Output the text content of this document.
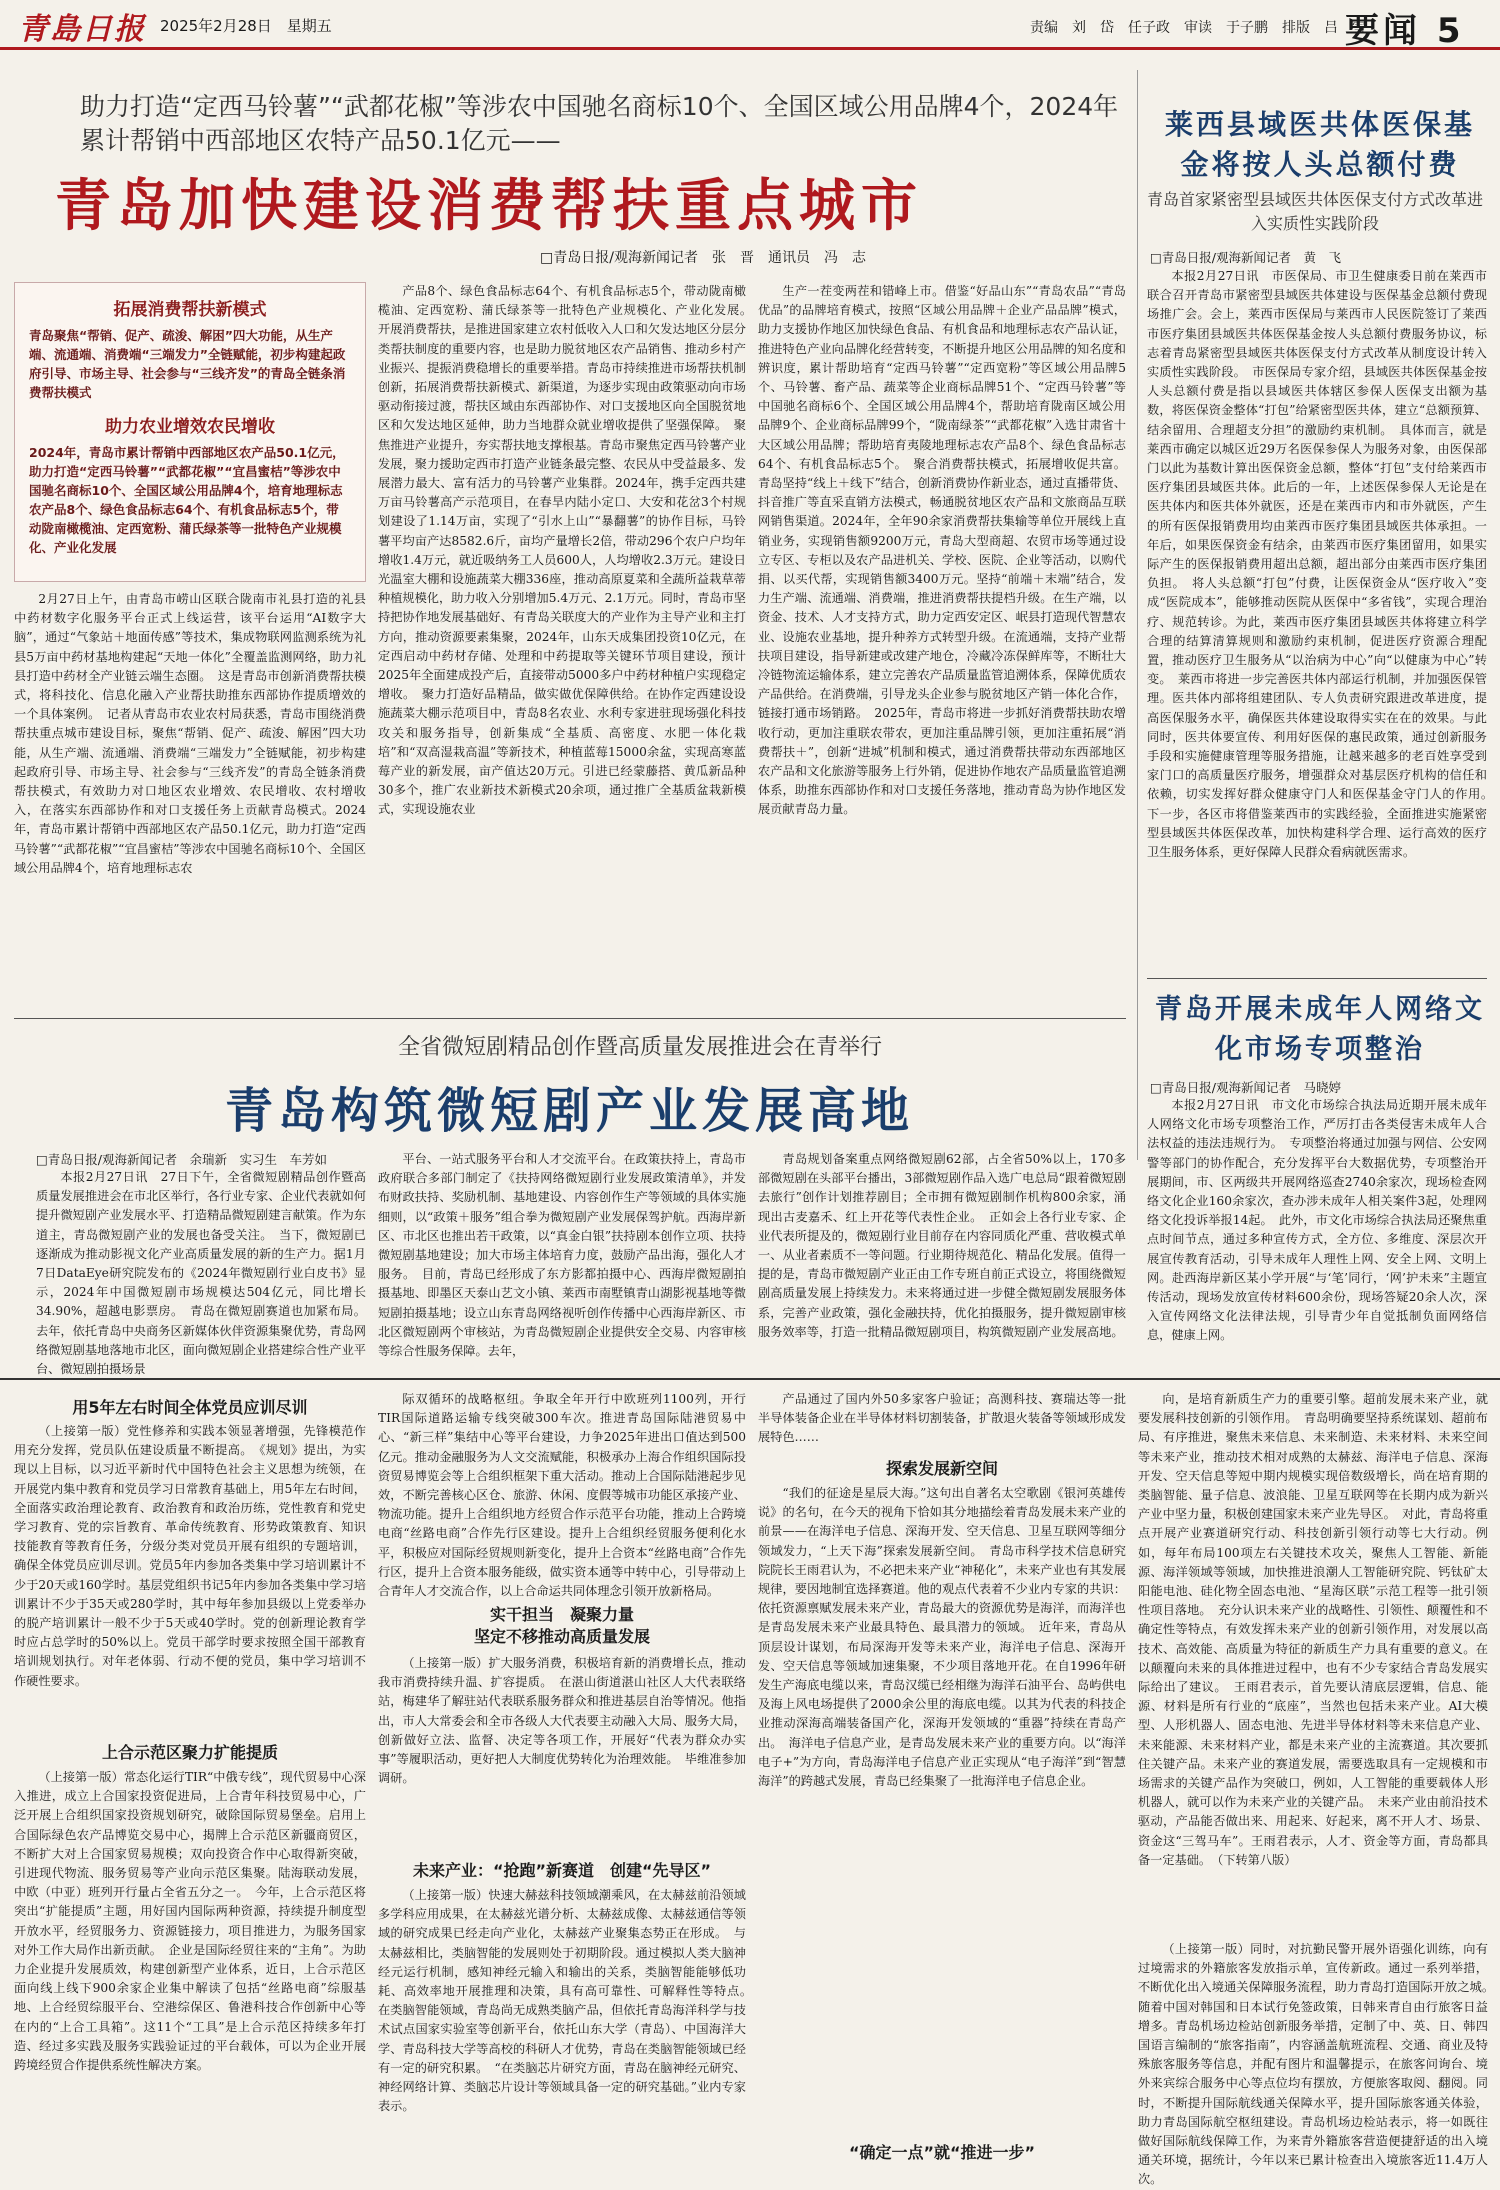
青島日报 2025年2月28日　星期五	责编　刘　岱　任子政　审读　于子鹏　排版　吕　雪
要闻 5
助力打造“定西马铃薯”“武都花椒”等涉农中国驰名商标10个、全国区域公用品牌4个，2024年累计帮销中西部地区农特产品50.1亿元——
青岛加快建设消费帮扶重点城市
□青岛日报/观海新闻记者　张　晋　通讯员　冯　志
拓展消费帮扶新模式

青岛聚焦“帮销、促产、疏浚、解困”四大功能，从生产端、流通端、消费端“三端发力”全链赋能，初步构建起政府引导、市场主导、社会参与“三线齐发”的青岛全链条消费帮扶模式

助力农业增效农民增收

2024年，青岛市累计帮销中西部地区农产品50.1亿元，助力打造“定西马铃薯”“武都花椒”“宜昌蜜桔”等涉农中国驰名商标10个、全国区域公用品牌4个，培育地理标志农产品8个、绿色食品标志64个、有机食品标志5个，带动陇南橄榄油、定西宽粉、蒲氏绿茶等一批特色产业规模化、产业化发展

2月27日上午，由青岛市崂山区联合陇南市礼县打造的礼县中药材数字化服务平台正式上线运营，该平台运用“AI数字大脑”，通过“气象站＋地面传感”等技术，集成物联网监测系统为礼县5万亩中药材基地构建起“天地一体化”全覆盖监测网络，助力礼县打造中药材全产业链云端生态圈。　这是青岛市创新消费帮扶模式，将科技化、信息化融入产业帮扶助推东西部协作提质增效的一个具体案例。　记者从青岛市农业农村局获悉，青岛市围绕消费帮扶重点城市建设目标，聚焦“帮销、促产、疏浚、解困”四大功能，从生产端、流通端、消费端“三端发力”全链赋能，初步构建起政府引导、市场主导、社会参与“三线齐发”的青岛全链条消费帮扶模式，有效助力对口地区农业增效、农民增收、农村增收入，在落实东西部协作和对口支援任务上贡献青岛模式。2024年，青岛市累计帮销中西部地区农产品50.1亿元，助力打造“定西马铃薯”“武都花椒”“宜昌蜜桔”等涉农中国驰名商标10个、全国区域公用品牌4个，培育地理标志农
产品8个、绿色食品标志64个、有机食品标志5个，带动陇南橄榄油、定西宽粉、蒲氏绿茶等一批特色产业规模化、产业化发展。　开展消费帮扶，是推进国家建立农村低收入人口和欠发达地区分层分类帮扶制度的重要内容，也是助力脱贫地区农产品销售、推动乡村产业振兴、提振消费稳增长的重要举措。青岛市持续推进市场帮扶机制创新，拓展消费帮扶新模式、新渠道，为逐步实现由政策驱动向市场驱动衔接过渡，帮扶区域由东西部协作、对口支援地区向全国脱贫地区和欠发达地区延伸，助力当地群众就业增收提供了坚强保障。　聚焦推进产业提升，夯实帮扶地支撑根基。青岛市聚焦定西马铃薯产业发展，聚力援助定西市打造产业链条最完整、农民从中受益最多、发展潜力最大、富有活力的马铃薯产业集群。2024年，携手定西共建万亩马铃薯高产示范项目，在春旱内陆小定口、大安和花岔3个村规划建设了1.14万亩，实现了“引水上山”“暴翻薯”的协作目标，马铃薯平均亩产达8582.6斤，亩均产量增长2倍，带动296个农户户均年增收1.4万元，就近吸纳务工人员600人，人均增收2.3万元。建设日光温室大棚和设施蔬菜大棚336座，推动高原夏菜和全蔬所益栽草蒂种植规模化，助力收入分别增加5.4万元、2.1万元。同时，青岛市坚持把协作地发展基础好、有青岛关联度大的产业作为主导产业和主打方向，推动资源要素集聚，2024年，山东天成集团投资10亿元，在定西启动中药材存储、处理和中药提取等关键环节项目建设，预计2025年全面建成投产后，直接带动5000多户中药材种植户实现稳定增收。　聚力打造好品精品，做实做优保障供给。在协作定西建设设施蔬菜大棚示范项目中，青岛8名农业、水利专家进驻现场强化科技攻关和服务指导，创新集成“全基质、高密度、水肥一体化栽培”和“双高湿栽高温”等新技术，种植蓝莓15000余盆，实现高寒蓝莓产业的新发展，亩产值达20万元。引进已经蒙藤搭、黄瓜新品种30多个，推广农业新技术新模式20余项，通过推广全基质盆栽新模式，实现设施农业
生产一茬变两茬和错峰上市。借鉴“好品山东”“青岛农品”“青岛优品”的品牌培育模式，按照“区域公用品牌＋企业产品品牌”模式，助力支援协作地区加快绿色食品、有机食品和地理标志农产品认证，推进特色产业向品牌化经营转变，不断提升地区公用品牌的知名度和辨识度，累计帮助培育“定西马铃薯”“定西宽粉”等区域公用品牌5个、马铃薯、畜产品、蔬菜等企业商标品牌51个、“定西马铃薯”等中国驰名商标6个、全国区域公用品牌4个，帮助培育陇南区域公用品牌9个、企业商标品牌99个，“陇南绿茶”“武都花椒”入选甘肃省十大区域公用品牌；帮助培育夷陵地理标志农产品8个、绿色食品标志64个、有机食品标志5个。　聚合消费帮扶模式，拓展增收促共富。青岛坚持“线上＋线下”结合，创新消费协作新业态，通过直播带货、抖音推广等直采直销方法模式，畅通脱贫地区农产品和文旅商品互联网销售渠道。2024年，全年90余家消费帮扶集输等单位开展线上直销业务，实现销售额9200万元，青岛大型商超、农贸市场等通过设立专区、专柜以及农产品进机关、学校、医院、企业等活动，以购代捐、以买代帮，实现销售额3400万元。坚持“前端＋末端”结合，发力生产端、流通端、消费端，推进消费帮扶提档升级。在生产端，以资金、技术、人才支持方式，助力定西安定区、岷县打造现代智慧农业、设施农业基地，提升种养方式转型升级。在流通端，支持产业帮扶项目建设，指导新建或改建产地仓，冷藏冷冻保鲜库等，不断壮大冷链物流运输体系，建立完善农产品质量监管追溯体系，保障优质农产品供给。在消费端，引导龙头企业参与脱贫地区产销一体化合作，链接打通市场销路。　2025年，青岛市将进一步抓好消费帮扶助农增收行动，更加注重联农带农，更加注重品牌引领，更加注重拓展“消费帮扶＋”，创新“进城”机制和模式，通过消费帮扶带动东西部地区农产品和文化旅游等服务上行外销，促进协作地农产品质量监管追溯体系，助推东西部协作和对口支援任务落地，推动青岛为协作地区发展贡献青岛力量。
莱西县域医共体医保基金将按人头总额付费
青岛首家紧密型县域医共体医保支付方式改革进入实质性实践阶段
□青岛日报/观海新闻记者　黄　飞
本报2月27日讯　市医保局、市卫生健康委日前在莱西市联合召开青岛市紧密型县域医共体建设与医保基金总额付费现场推广会。会上，莱西市医保局与莱西市人民医院签订了莱西市医疗集团县域医共体医保基金按人头总额付费服务协议，标志着青岛紧密型县域医共体医保支付方式改革从制度设计转入实质性实践阶段。　市医保局专家介绍，县域医共体医保基金按人头总额付费是指以县域医共体辖区参保人医保支出额为基数，将医保资金整体“打包”给紧密型医共体，建立“总额预算、结余留用、合理超支分担”的激励约束机制。　具体而言，就是莱西市确定以城区近29万名医保参保人为服务对象，由医保部门以此为基数计算出医保资金总额，整体“打包”支付给莱西市医疗集团县域医共体。此后的一年，上述医保参保人无论是在医共体内和医共体外就医，还是在莱西市内和市外就医，产生的所有医保报销费用均由莱西市医疗集团县域医共体承担。一年后，如果医保资金有结余，由莱西市医疗集团留用，如果实际产生的医保报销费用超出总额，超出部分由莱西市医疗集团负担。　将人头总额“打包”付费，让医保资金从“医疗收入”变成“医院成本”，能够推动医院从医保中“多省钱”，实现合理治疗、规范转诊。为此，莱西市医疗集团县域医共体将建立科学合理的结算清算规则和激励约束机制，促进医疗资源合理配置，推动医疗卫生服务从“以治病为中心”向“以健康为中心”转变。　莱西市将进一步完善医共体内部运行机制，并加强医保管理。医共体内部将组建团队、专人负责研究跟进改革进度，提高医保服务水平，确保医共体建设取得实实在在的效果。与此同时，医共体要宣传、利用好医保的惠民政策，通过创新服务手段和实施健康管理等服务措施，让越来越多的老百姓享受到家门口的高质量医疗服务，增强群众对基层医疗机构的信任和依赖，切实发挥好群众健康守门人和医保基金守门人的作用。　下一步，各区市将借鉴莱西市的实践经验，全面推进实施紧密型县域医共体医保改革，加快构建科学合理、运行高效的医疗卫生服务体系，更好保障人民群众看病就医需求。
青岛开展未成年人网络文化市场专项整治
□青岛日报/观海新闻记者　马晓婷
本报2月27日讯　市文化市场综合执法局近期开展未成年人网络文化市场专项整治工作，严厉打击各类侵害未成年人合法权益的违法违规行为。　专项整治将通过加强与网信、公安网警等部门的协作配合，充分发挥平台大数据优势，专项整治开展期间，市、区两级共开展网络巡查2740余家次，现场检查网络文化企业160余家次，查办涉未成年人相关案件3起，处理网络文化投诉举报14起。　此外，市文化市场综合执法局还聚焦重点时间节点，通过多种宣传方式，全方位、多维度、深层次开展宣传教育活动，引导未成年人理性上网、安全上网、文明上网。赴西海岸新区某小学开展“与‘笔’同行，‘网’护未来”主题宣传活动，现场发放宣传材料600余份，现场答疑20余人次，深入宣传网络文化法律法规，引导青少年自觉抵制负面网络信息，健康上网。
全省微短剧精品创作暨高质量发展推进会在青举行
青岛构筑微短剧产业发展高地
□青岛日报/观海新闻记者　余瑞新　实习生　车芳如
本报2月27日讯　27日下午，全省微短剧精品创作暨高质量发展推进会在市北区举行，各行业专家、企业代表就如何提升微短剧产业发展水平、打造精品微短剧建言献策。作为东道主，青岛微短剧产业的发展也备受关注。　当下，微短剧已逐渐成为推动影视文化产业高质量发展的新的生产力。据1月7日DataEye研究院发布的《2024年微短剧行业白皮书》显示，2024年中国微短剧市场规模达504亿元，同比增长34.90%，超越电影票房。　青岛在微短剧赛道也加紧布局。去年，依托青岛中央商务区新媒体伙伴资源集聚优势，青岛网络微短剧基地落地市北区，面向微短剧企业搭建综合性产业平台、微短剧拍摄场景
平台、一站式服务平台和人才交流平台。在政策扶持上，青岛市政府联合多部门制定了《扶持网络微短剧行业发展政策清单》，并发布财政扶持、奖励机制、基地建设、内容创作生产等领域的具体实施细则，以“政策＋服务”组合拳为微短剧产业发展保驾护航。西海岸新区、市北区也推出若干政策，以“真金白银”扶持剧本创作立项、扶持微短剧基地建设；加大市场主体培育力度，鼓励产品出海，强化人才服务。　目前，青岛已经形成了东方影都拍摄中心、西海岸微短剧拍摄基地、即墨区天泰山艺文小镇、莱西市南墅镇青山湖影视基地等微短剧拍摄基地；设立山东青岛网络视听创作传播中心西海岸新区、市北区微短剧两个审核站，为青岛微短剧企业提供安全交易、内容审核等综合性服务保障。去年，
青岛规划备案重点网络微短剧62部，占全省50%以上，170多部微短剧在头部平台播出，3部微短剧作品入选广电总局“跟着微短剧去旅行”创作计划推荐剧目；全市拥有微短剧制作机构800余家，涌现出古麦嘉禾、红上开花等代表性企业。　正如会上各行业专家、企业代表所提及的，微短剧行业目前存在内容同质化严重、营收模式单一、从业者素质不一等问题。行业期待规范化、精品化发展。值得一提的是，青岛市微短剧产业正由工作专班自前正式设立，将围绕微短剧高质量发展上持续发力。未来将通过进一步健全微短剧发展服务体系，完善产业政策，强化金融扶持，优化拍摄服务，提升微短剧审核服务效率等，打造一批精品微短剧项目，构筑微短剧产业发展高地。
用5年左右时间全体党员应训尽训
（上接第一版）党性修养和实践本领显著增强，先锋模范作用充分发挥，党员队伍建设质量不断提高。　《规划》提出，为实现以上目标，以习近平新时代中国特色社会主义思想为统领，在开展党内集中教育和党员学习日常教育基础上，用5年左右时间，全面落实政治理论教育、政治教育和政治历练，党性教育和党史学习教育、党的宗旨教育、革命传统教育、形势政策教育、知识技能教育等教育任务，分级分类对党员开展有组织的专题培训，确保全体党员应训尽训。党员5年内参加各类集中学习培训累计不少于20天或160学时。基层党组织书记5年内参加各类集中学习培训累计不少于35天或280学时，其中每年参加县级以上党委举办的脱产培训累计一般不少于5天或40学时。党的创新理论教育学时应占总学时的50%以上。党员干部学时要求按照全国干部教育培训规划执行。对年老体弱、行动不便的党员，集中学习培训不作硬性要求。
上合示范区聚力扩能提质
（上接第一版）常态化运行TIR“中俄专线”，现代贸易中心深入推进，成立上合国家投资促进局，上合青年科技贸易中心，广泛开展上合组织国家投资规划研究，破除国际贸易堡垒。启用上合国际绿色农产品博览交易中心，揭牌上合示范区新疆商贸区，不断扩大对上合国家贸易规模；双向投资合作中心取得新突破，引进现代物流、服务贸易等产业向示范区集聚。陆海联动发展，中欧（中亚）班列开行量占全省五分之一。　今年，上合示范区将突出“扩能提质”主题，用好国内国际两种资源，持续提升制度型开放水平，经贸服务力、资源链接力，项目推进力，为服务国家对外工作大局作出新贡献。　企业是国际经贸往来的“主角”。为助力企业提升发展质效，构建创新型产业体系，近日，上合示范区面向线上线下900余家企业集中解读了包括“丝路电商”综服基地、上合经贸综服平台、空港综保区、鲁港科技合作创新中心等在内的“上合工具箱”。这11个“工具”是上合示范区持续多年打造、经过多实践及服务实践验证过的平台载体，可以为企业开展跨境经贸合作提供系统性解决方案。
际双循环的战略枢纽。争取全年开行中欧班列1100列，开行TIR国际道路运输专线突破300车次。推进青岛国际陆港贸易中心、“新三样”集结中心等平台建设，力争2025年进出口值达到500亿元。推动金融服务为人文交流赋能，积极承办上海合作组织国际投资贸易博览会等上合组织框架下重大活动。推动上合国际陆港起步见效，不断完善核心区仓、旅游、休闲、度假等城市功能区承接产业、物流功能。提升上合组织地方经贸合作示范平台功能，推动上合跨境电商“丝路电商”合作先行区建设。提升上合组织经贸服务便利化水平，积极应对国际经贸规则新变化，提升上合资本“丝路电商”合作先行区，提升上合资本服务能级，做实资本通等中转中心，引导带动上合青年人才交流合作，以上合命运共同体理念引领开放新格局。
实干担当　凝聚力量
坚定不移推动高质量发展
（上接第一版）扩大服务消费，积极培育新的消费增长点，推动我市消费持续升温、扩容提质。　在湛山街道湛山社区人大代表联络站，梅建华了解驻站代表联系服务群众和推进基层自治等情况。他指出，市人大常委会和全市各级人大代表要主动融入大局、服务大局，创新做好立法、监督、决定等各项工作，开展好“代表为群众办实事”等履职活动，更好把人大制度优势转化为治理效能。　毕维准参加调研。
未来产业：“抢跑”新赛道　创建“先导区”
（上接第一版）快速大赫兹科技领域潮乘风，在太赫兹前沿领域多学科应用成果，在太赫兹光谱分析、太赫兹成像、太赫兹通信等领域的研究成果已经走向产业化，太赫兹产业聚集态势正在形成。　与太赫兹相比，类脑智能的发展则处于初期阶段。通过模拟人类大脑神经元运行机制，感知神经元输入和输出的关系，类脑智能能够低功耗、高效率地开展推理和决策，具有高可靠性、可解释性等特点。　在类脑智能领域，青岛尚无成熟类脑产品，但依托青岛海洋科学与技术试点国家实验室等创新平台，依托山东大学（青岛）、中国海洋大学、青岛科技大学等高校的科研人才优势，青岛在类脑智能领域已经有一定的研究积累。　“在类脑芯片研究方面，青岛在脑神经元研究、神经网络计算、类脑芯片设计等领域具备一定的研究基础。”业内专家表示。
产品通过了国内外50多家客户验证；高测科技、赛瑞达等一批半导体装备企业在半导体材料切割装备，扩散退火装备等领域形成发展特色……
探索发展新空间
“我们的征途是星辰大海。”这句出自著名太空歌剧《银河英雄传说》的名句，在今天的视角下恰如其分地描绘着青岛发展未来产业的前景——在海洋电子信息、深海开发、空天信息、卫星互联网等细分领域发力，“上天下海”探索发展新空间。　青岛市科学技术信息研究院院长王雨君认为，不必把未来产业“神秘化”，未来产业也有其发展规律，要因地制宜选择赛道。他的观点代表着不少业内专家的共识：依托资源禀赋发展未来产业，青岛最大的资源优势是海洋，而海洋也是青岛发展未来产业最具特色、最具潜力的领域。　近年来，青岛从顶层设计谋划，布局深海开发等未来产业，海洋电子信息、深海开发、空天信息等领域加速集聚，不少项目落地开花。在自1996年研发生产海底电缆以来，青岛汉缆已经相继为海洋石油平台、岛屿供电及海上风电场提供了2000余公里的海底电缆。以其为代表的科技企业推动深海高端装备国产化，深海开发领域的“重器”持续在青岛产出。　海洋电子信息产业，是青岛发展未来产业的重要方向。以“海洋电子+”为方向，青岛海洋电子信息产业正实现从“电子海洋”到“智慧海洋”的跨越式发展，青岛已经集聚了一批海洋电子信息企业。
向，是培育新质生产力的重要引擎。超前发展未来产业，就要发展科技创新的引领作用。　青岛明确要坚持系统谋划、超前布局、有序推进，聚焦未来信息、未来制造、未来材料、未来空间等未来产业，推动技术相对成熟的太赫兹、海洋电子信息、深海开发、空天信息等短中期内规模实现倍数级增长，尚在培育期的类脑智能、量子信息、波浪能、卫星互联网等在长期内成为新兴产业中坚力量，积极创建国家未来产业先导区。　对此，青岛将重点开展产业赛道研究行动、科技创新引领行动等七大行动。例如，每年布局100项左右关键技术攻关，聚焦人工智能、新能源、海洋领域等领域，加快推进浪潮人工智能研究院、钙钛矿太阳能电池、硅化物全固态电池、“星海区联”示范工程等一批引领性项目落地。　充分认识未来产业的战略性、引领性、颠覆性和不确定性等特点，有效发挥未来产业的创新引领作用，对发展以高技术、高效能、高质量为特征的新质生产力具有重要的意义。在以颠覆向未来的具体推进过程中，也有不少专家结合青岛发展实际给出了建议。　王雨君表示，首先要认清底层逻辑，信息、能源、材料是所有行业的“底座”，当然也包括未来产业。AI大模型、人形机器人、固态电池、先进半导体材料等未来信息产业、未来能源、未来材料产业，都是未来产业的主流赛道。其次要抓住关键产品。未来产业的赛道发展，需要选取具有一定规模和市场需求的关键产品作为突破口，例如，人工智能的重要载体人形机器人，就可以作为未来产业的关键产品。　未来产业由前沿技术驱动，产品能否做出来、用起来、好起来，离不开人才、场景、资金这“三驾马车”。王雨君表示，人才、资金等方面，青岛都具备一定基础。　（下转第八版）
“确定一点”就“推进一步”
（上接第一版）同时，对抗勤民警开展外语强化训练，向有过境需求的外籍旅客发放指示单，宣传新政。通过一系列举措，不断优化出入境通关保障服务流程，助力青岛打造国际开放之城。　随着中国对韩国和日本试行免签政策，日韩来青自由行旅客日益增多。青岛机场边检站创新服务举措，定制了中、英、日、韩四国语言编制的“旅客指南”，内容涵盖航班流程、交通、商业及特殊旅客服务等信息，并配有图片和温馨提示，在旅客问询台、境外来宾综合服务中心等点位均有摆放，方便旅客取阅、翻阅。同时，不断提升国际航线通关保障水平，提升国际旅客通关体验，助力青岛国际航空枢纽建设。青岛机场边检站表示，将一如既往做好国际航线保障工作，为来青外籍旅客营造便捷舒适的出入境通关环境，据统计，今年以来已累计检查出入境旅客近11.4万人次。
